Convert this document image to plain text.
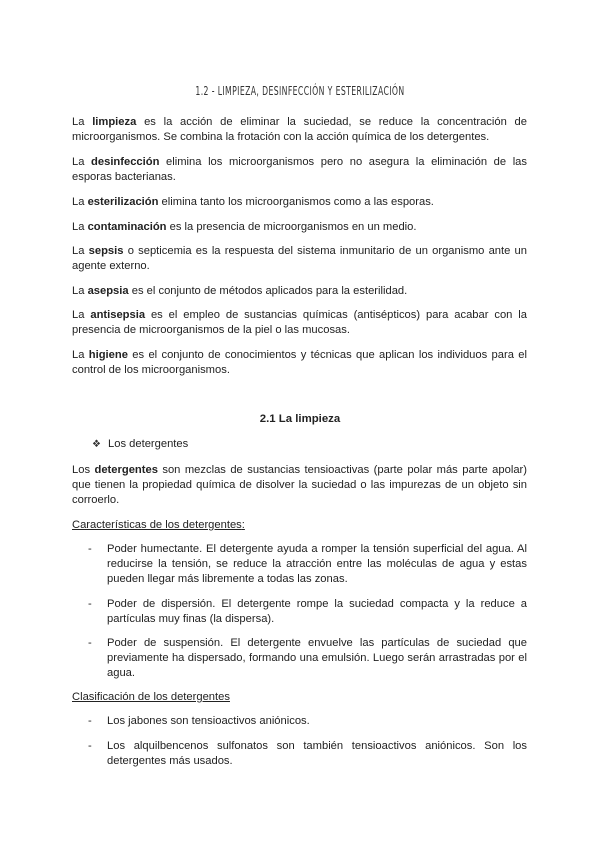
1.2 - LIMPIEZA, DESINFECCIÓN Y ESTERILIZACIÓN

La limpieza es la acción de eliminar la suciedad, se reduce la concentración de microorganismos. Se combina la frotación con la acción química de los detergentes.

La desinfección elimina los microorganismos pero no asegura la eliminación de las esporas bacterianas.

La esterilización elimina tanto los microorganismos como a las esporas.

La contaminación es la presencia de microorganismos en un medio.

La sepsis o septicemia es la respuesta del sistema inmunitario de un organismo ante un agente externo.

La asepsia es el conjunto de métodos aplicados para la esterilidad.

La antisepsia es el empleo de sustancias químicas (antisépticos) para acabar con la presencia de microorganismos de la piel o las mucosas.

La higiene es el conjunto de conocimientos y técnicas que aplican los individuos para el control de los microorganismos.

2.1 La limpieza
❖ Los detergentes

Los detergentes son mezclas de sustancias tensioactivas (parte polar más parte apolar) que tienen la propiedad química de disolver la suciedad o las impurezas de un objeto sin corroerlo.

Características de los detergentes:
- Poder humectante. El detergente ayuda a romper la tensión superficial del agua. Al reducirse la tensión, se reduce la atracción entre las moléculas de agua y estas pueden llegar más libremente a todas las zonas.
- Poder de dispersión. El detergente rompe la suciedad compacta y la reduce a partículas muy finas (la dispersa).
- Poder de suspensión. El detergente envuelve las partículas de suciedad que previamente ha dispersado, formando una emulsión. Luego serán arrastradas por el agua.
Clasificación de los detergentes
- Los jabones son tensioactivos aniónicos.
- Los alquilbencenos sulfonatos son también tensioactivos aniónicos. Son los detergentes más usados.
